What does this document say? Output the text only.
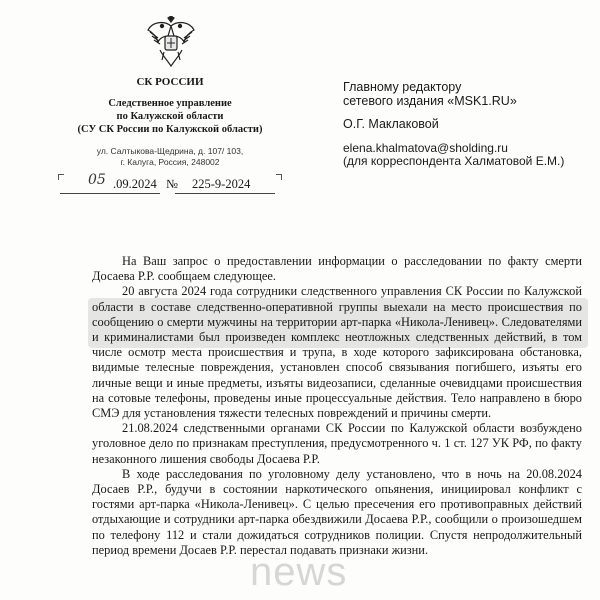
СК РОССИИ
Следственное управление
по Калужской области
(СУ СК России по Калужской области)
ул. Салтыкова-Щедрина, д. 107/ 103,
г. Калуга, Россия, 248002
05 .09.2024 № 225-9-2024
Главному редактору
сетевого издания «MSK1.RU»
О.Г. Маклаковой
elena.khalmatova@sholding.ru
(для корреспондента Халматовой Е.М.)

На Ваш запрос о предоставлении информации о расследовании по факту смерти Досаева Р.Р. сообщаем следующее.

20 августа 2024 года сотрудники следственного управления СК России по Калужской области в составе следственно-оперативной группы выехали на место происшествия по сообщению о смерти мужчины на территории арт-парка «Никола-Ленивец». Следователями и криминалистами был произведен комплекс неотложных следственных действий, в том числе осмотр места происшествия и трупа, в ходе которого зафиксирована обстановка, видимые телесные повреждения, установлен способ связывания погибшего, изъяты его личные вещи и иные предметы, изъяты видеозаписи, сделанные очевидцами происшествия на сотовые телефоны, проведены иные процессуальные действия. Тело направлено в бюро СМЭ для установления тяжести телесных повреждений и причины смерти.

21.08.2024 следственными органами СК России по Калужской области возбуждено уголовное дело по признакам преступления, предусмотренного ч. 1 ст. 127 УК РФ, по факту незаконного лишения свободы Досаева Р.Р.

В ходе расследования по уголовному делу установлено, что в ночь на 20.08.2024 Досаев Р.Р., будучи в состоянии наркотического опьянения, инициировал конфликт с гостями арт-парка «Никола-Ленивец». С целью пресечения его противоправных действий отдыхающие и сотрудники арт-парка обездвижили Досаева Р.Р., сообщили о произошедшем по телефону 112 и стали дожидаться сотрудников полиции. Спустя непродолжительный период времени Досаев Р.Р. перестал подавать признаки жизни.

news
